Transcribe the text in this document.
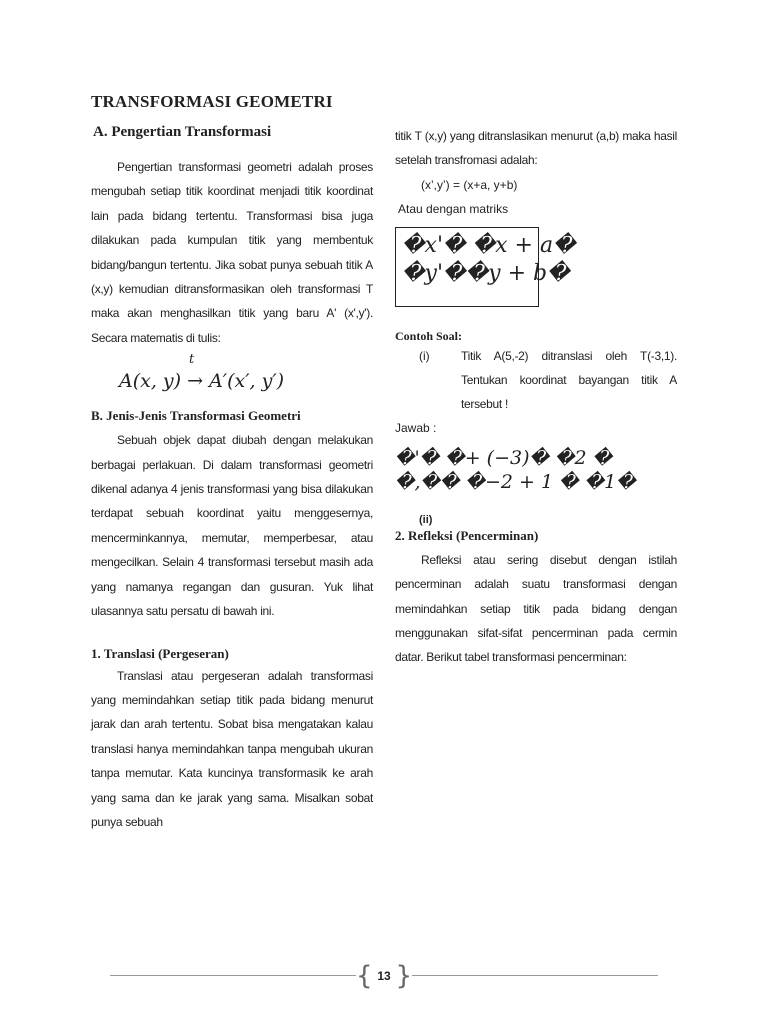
TRANSFORMASI GEOMETRI
A. Pengertian Transformasi

Pengertian transformasi geometri adalah proses mengubah setiap titik koordinat menjadi titik koordinat lain pada bidang tertentu. Transformasi bisa juga dilakukan pada kumpulan titik yang membentuk bidang/bangun tertentu. Jika sobat punya sebuah titik A (x,y) kemudian ditransformasikan oleh transformasi T maka akan menghasilkan titik yang baru A' (x',y'). Secara matematis di tulis:

t
A(x, y) → A′(x′, y′)
B. Jenis-Jenis Transformasi Geometri

Sebuah objek dapat diubah dengan melakukan berbagai perlakuan. Di dalam transformasi geometri dikenal adanya 4 jenis transformasi yang bisa dilakukan terdapat sebuah koordinat yaitu menggesernya, mencerminkannya, memutar, memperbesar, atau mengecilkan. Selain 4 transformasi tersebut masih ada yang namanya regangan dan gusuran. Yuk lihat ulasannya satu persatu di bawah ini.

1. Translasi (Pergeseran)

Translasi atau pergeseran adalah transformasi yang memindahkan setiap titik pada bidang menurut jarak dan arah tertentu. Sobat bisa mengatakan kalau translasi hanya memindahkan tanpa mengubah ukuran tanpa memutar. Kata kuncinya transformasik ke arah yang sama dan ke jarak yang sama. Misalkan sobat punya sebuah

titik T (x,y) yang ditranslasikan menurut (a,b) maka hasil setelah transfromasi adalah:

(x’,y’) = (x+a, y+b)
Atau dengan matriks
�x'� �x + a�
�y'��y + b�
Contoh Soal:
(i)	Titik A(5,-2) ditranslasi oleh T(-3,1). Tentukan koordinat bayangan titik A tersebut !
Jawab :
�'� �+ (−3)� �2 �
�,�� �−2 + 1 � �1�
(ii)
2. Refleksi (Pencerminan)

Refleksi atau sering disebut dengan istilah pencerminan adalah suatu transformasi dengan memindahkan setiap titik pada bidang dengan menggunakan sifat-sifat pencerminan pada cermin datar. Berikut tabel transformasi pencerminan:

{ 13 }
